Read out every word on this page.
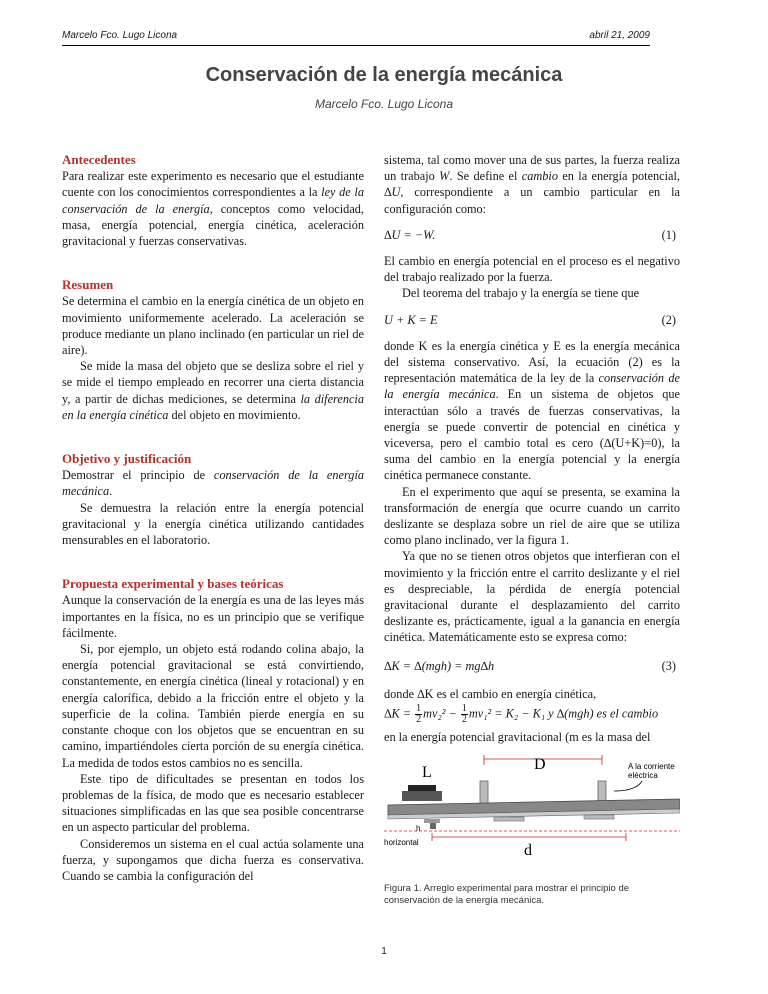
Marcelo Fco. Lugo Licona	abril 21, 2009
Conservación de la energía mecánica
Marcelo Fco. Lugo Licona
Antecedentes

Para realizar este experimento es necesario que el estudiante cuente con los conocimientos correspondientes a la ley de la conservación de la energía, conceptos como velocidad, masa, energía potencial, energía cinética, aceleración gravitacional y fuerzas conservativas.

Resumen

Se determina el cambio en la energía cinética de un objeto en movimiento uniformemente acelerado. La aceleración se produce mediante un plano inclinado (en particular un riel de aire).

Se mide la masa del objeto que se desliza sobre el riel y se mide el tiempo empleado en recorrer una cierta distancia y, a partir de dichas mediciones, se determina la diferencia en la energía cinética del objeto en movimiento.

Objetivo y justificación

Demostrar el principio de conservación de la energía mecánica.

Se demuestra la relación entre la energía potencial gravitacional y la energía cinética utilizando cantidades mensurables en el laboratorio.

Propuesta experimental y bases teóricas

Aunque la conservación de la energía es una de las leyes más importantes en la física, no es un principio que se verifique fácilmente.

Si, por ejemplo, un objeto está rodando colina abajo, la energía potencial gravitacional se está convirtiendo, constantemente, en energía cinética (lineal y rotacional) y en energía calorífica, debido a la fricción entre el objeto y la superficie de la colina. También pierde energía en su constante choque con los objetos que se encuentran en su camino, impartiéndoles cierta porción de su energía cinética. La medida de todos estos cambios no es sencilla.

Este tipo de dificultades se presentan en todos los problemas de la física, de modo que es necesario establecer situaciones simplificadas en las que sea posible concentrarse en un aspecto particular del problema.

Consideremos un sistema en el cual actúa solamente una fuerza, y supongamos que dicha fuerza es conservativa. Cuando se cambia la configuración del

sistema, tal como mover una de sus partes, la fuerza realiza un trabajo W. Se define el cambio en la energía potencial, ∆U, correspondiente a un cambio particular en la configuración como:

∆U = −W.	(1)

El cambio en energía potencial en el proceso es el negativo del trabajo realizado por la fuerza.

Del teorema del trabajo y la energía se tiene que

U + K = E	(2)

donde K es la energía cinética y E es la energía mecánica del sistema conservativo. Así, la ecuación (2) es la representación matemática de la ley de la conservación de la energía mecánica. En un sistema de objetos que interactúan sólo a través de fuerzas conservativas, la energía se puede convertir de potencial en cinética y viceversa, pero el cambio total es cero (∆(U+K)=0), la suma del cambio en la energía potencial y la energía cinética permanece constante.

En el experimento que aquí se presenta, se examina la transformación de energía que ocurre cuando un carrito deslizante se desplaza sobre un riel de aire que se utiliza como plano inclinado, ver la figura 1.

Ya que no se tienen otros objetos que interfieran con el movimiento y la fricción entre el carrito deslizante y el riel es despreciable, la pérdida de energía potencial gravitacional durante el desplazamiento del carrito deslizante es, prácticamente, igual a la ganancia en energía cinética. Matemáticamente esto se expresa como:

∆K = ∆(mgh) = mg∆h	(3)

donde ∆K es el cambio en energía cinética,

$\Delta K = \frac{1}{2} mv_2^2 - \frac{1}{2} mv_1^2 = K_2 - K_1$ y ∆(mgh) es el cambio

en la energía potencial gravitacional (m es la masa del

D	A la corriente
eléctrica
L
h
horizontal	d
Figura 1. Arreglo experimental para mostrar el principio de conservación de la energía mecánica.
1
